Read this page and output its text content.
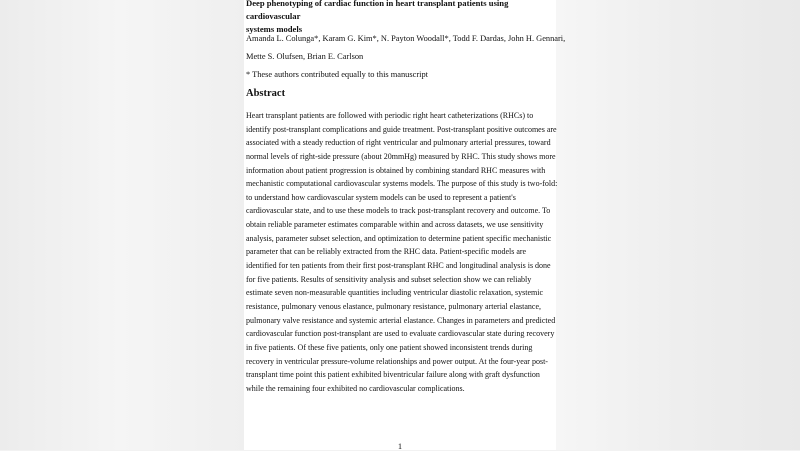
Deep phenotyping of cardiac function in heart transplant patients using cardiovascular
systems models

Amanda L. Colunga*, Karam G. Kim*, N. Payton Woodall*, Todd F. Dardas, John H. Gennari,

Mette S. Olufsen, Brian E. Carlson

* These authors contributed equally to this manuscript

Abstract
Heart transplant patients are followed with periodic right heart catheterizations (RHCs) to
identify post-transplant complications and guide treatment. Post-transplant positive outcomes are
associated with a steady reduction of right ventricular and pulmonary arterial pressures, toward
normal levels of right-side pressure (about 20mmHg) measured by RHC. This study shows more
information about patient progression is obtained by combining standard RHC measures with
mechanistic computational cardiovascular systems models. The purpose of this study is two-fold:
to understand how cardiovascular system models can be used to represent a patient's
cardiovascular state, and to use these models to track post-transplant recovery and outcome. To
obtain reliable parameter estimates comparable within and across datasets, we use sensitivity
analysis, parameter subset selection, and optimization to determine patient specific mechanistic
parameter that can be reliably extracted from the RHC data. Patient-specific models are
identified for ten patients from their first post-transplant RHC and longitudinal analysis is done
for five patients. Results of sensitivity analysis and subset selection show we can reliably
estimate seven non-measurable quantities including ventricular diastolic relaxation, systemic
resistance, pulmonary venous elastance, pulmonary resistance, pulmonary arterial elastance,
pulmonary valve resistance and systemic arterial elastance. Changes in parameters and predicted
cardiovascular function post-transplant are used to evaluate cardiovascular state during recovery
in five patients. Of these five patients, only one patient showed inconsistent trends during
recovery in ventricular pressure-volume relationships and power output. At the four-year post-
transplant time point this patient exhibited biventricular failure along with graft dysfunction
while the remaining four exhibited no cardiovascular complications.

1
